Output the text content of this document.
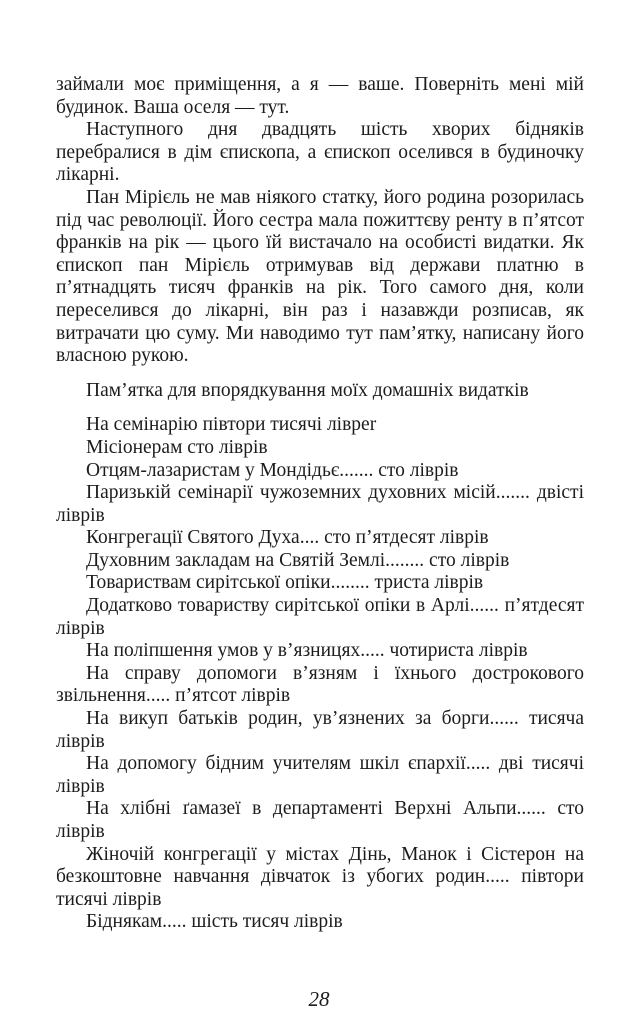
займали моє приміщення, а я — ваше. Поверніть мені мій будинок. Ваша оселя — тут.

Наступного дня двадцять шість хворих бідняків перебралися в дім єпископа, а єпископ оселився в будиночку лікарні.

Пан Мірієль не мав ніякого статку, його родина розорилась під час революції. Його сестра мала пожиттєву ренту в п’ятсот франків на рік — цього їй вистачало на особисті видатки. Як єпископ пан Мірієль отримував від держави платню в п’ятнадцять тисяч франків на рік. Того самого дня, коли переселився до лікарні, він раз і назавжди розписав, як витрачати цю суму. Ми наводимо тут пам’ятку, написану його власною рукою.

Пам’ятка для впорядкування моїх домашніх видатків

На семінарію півтори тисячі лівper

Місіонерам сто ліврів

Отцям-лазаристам у Мондідьє....... сто ліврів

Паризькій семінарії чужоземних духовних місій....... двісті ліврів

Конгрегації Святого Духа.... сто п’ятдесят ліврів

Духовним закладам на Святій Землі........ сто ліврів

Товариствам сирітської опіки........ триста ліврів

Додатково товариству сирітської опіки в Арлі...... п’ятдесят ліврів

На поліпшення умов у в’язницях..... чотириста ліврів

На справу допомоги в’язням і їхнього дострокового звільнення..... п’ятсот ліврів

На викуп батьків родин, ув’язнених за борги...... тисяча ліврів

На допомогу бідним учителям шкіл єпархії..... дві тисячі ліврів

На хлібні ґамазеї в департаменті Верхні Альпи...... сто ліврів

Жіночій конгрегації у містах Дінь, Манок і Сістерон на безкоштовне навчання дівчаток із убогих родин..... півтори тисячі ліврів

Біднякам..... шість тисяч ліврів

28
